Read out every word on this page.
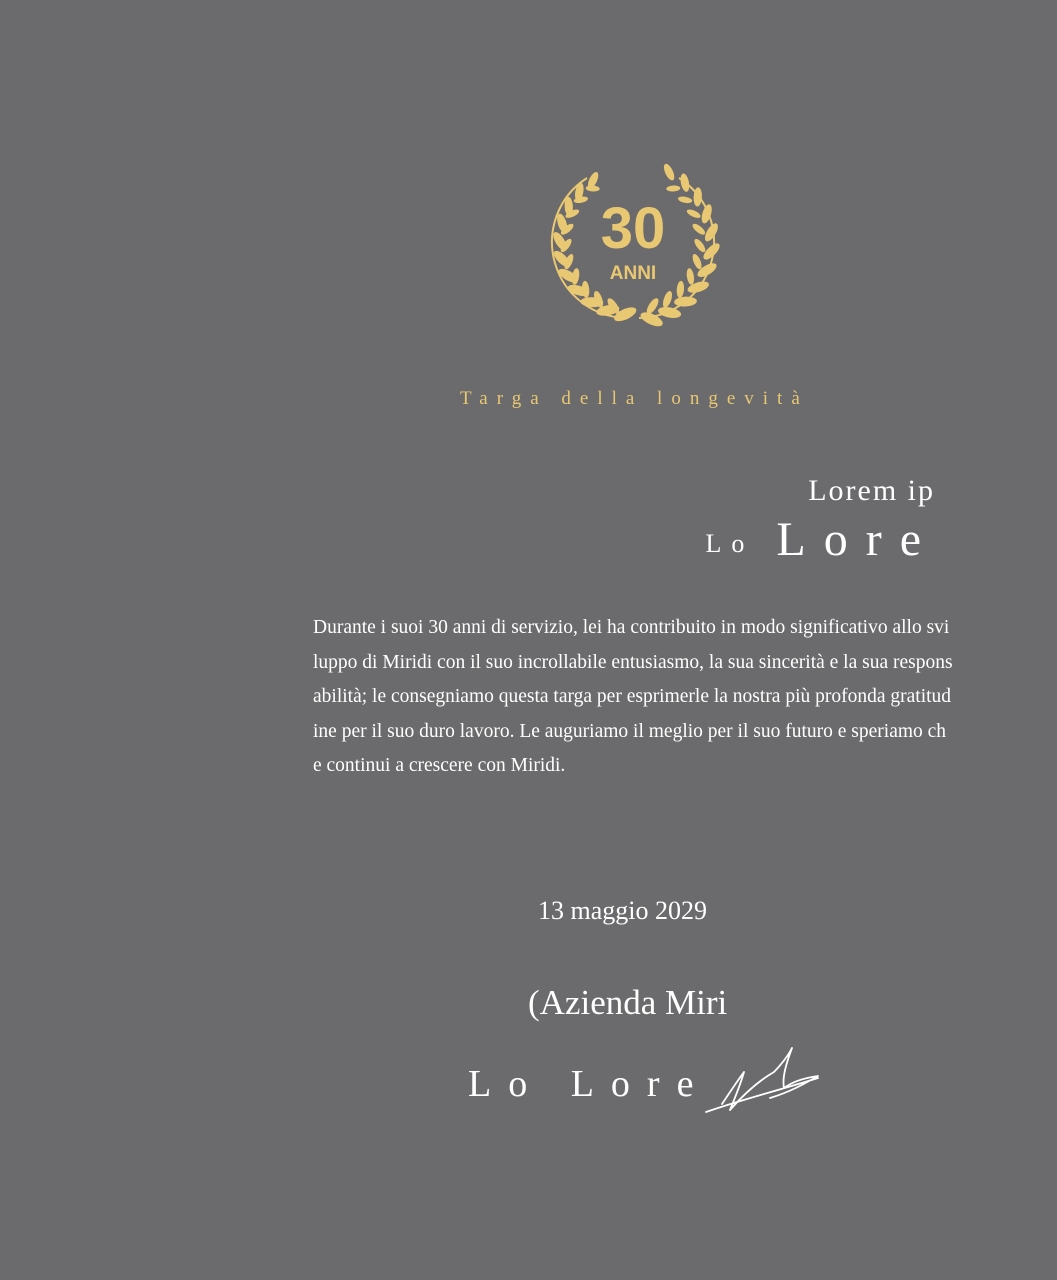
30
ANNI
Targa della longevità
Lorem ip
Lo Lore

Durante i suoi 30 anni di servizio, lei ha contribuito in modo significativo allo sviluppo di Miridi con il suo incrollabile entusiasmo, la sua sincerità e la sua responsabilità; le consegniamo questa targa per esprimerle la nostra più profonda gratitudine per il suo duro lavoro. Le auguriamo il meglio per il suo futuro e speriamo che continui a crescere con Miridi.

13 maggio 2029
(Azienda Miri
Lo Lore
